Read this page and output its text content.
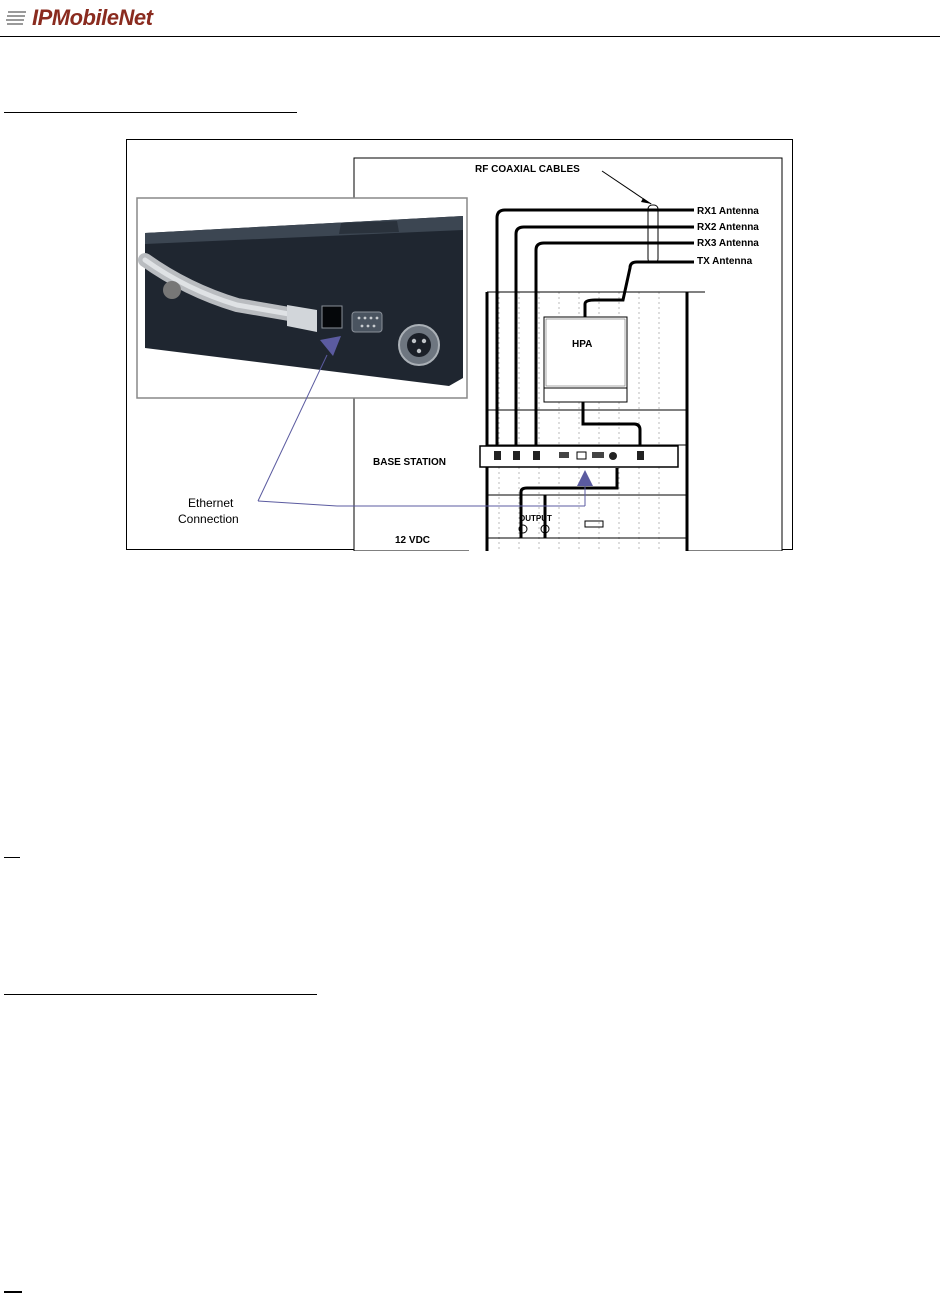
IPMobileNet
HPA
RF COAXIAL CABLES
RX1 Antenna
RX2 Antenna
RX3 Antenna
TX Antenna
BASE STATION
12 VDC
OUTPUT
Ethernet
Connection
